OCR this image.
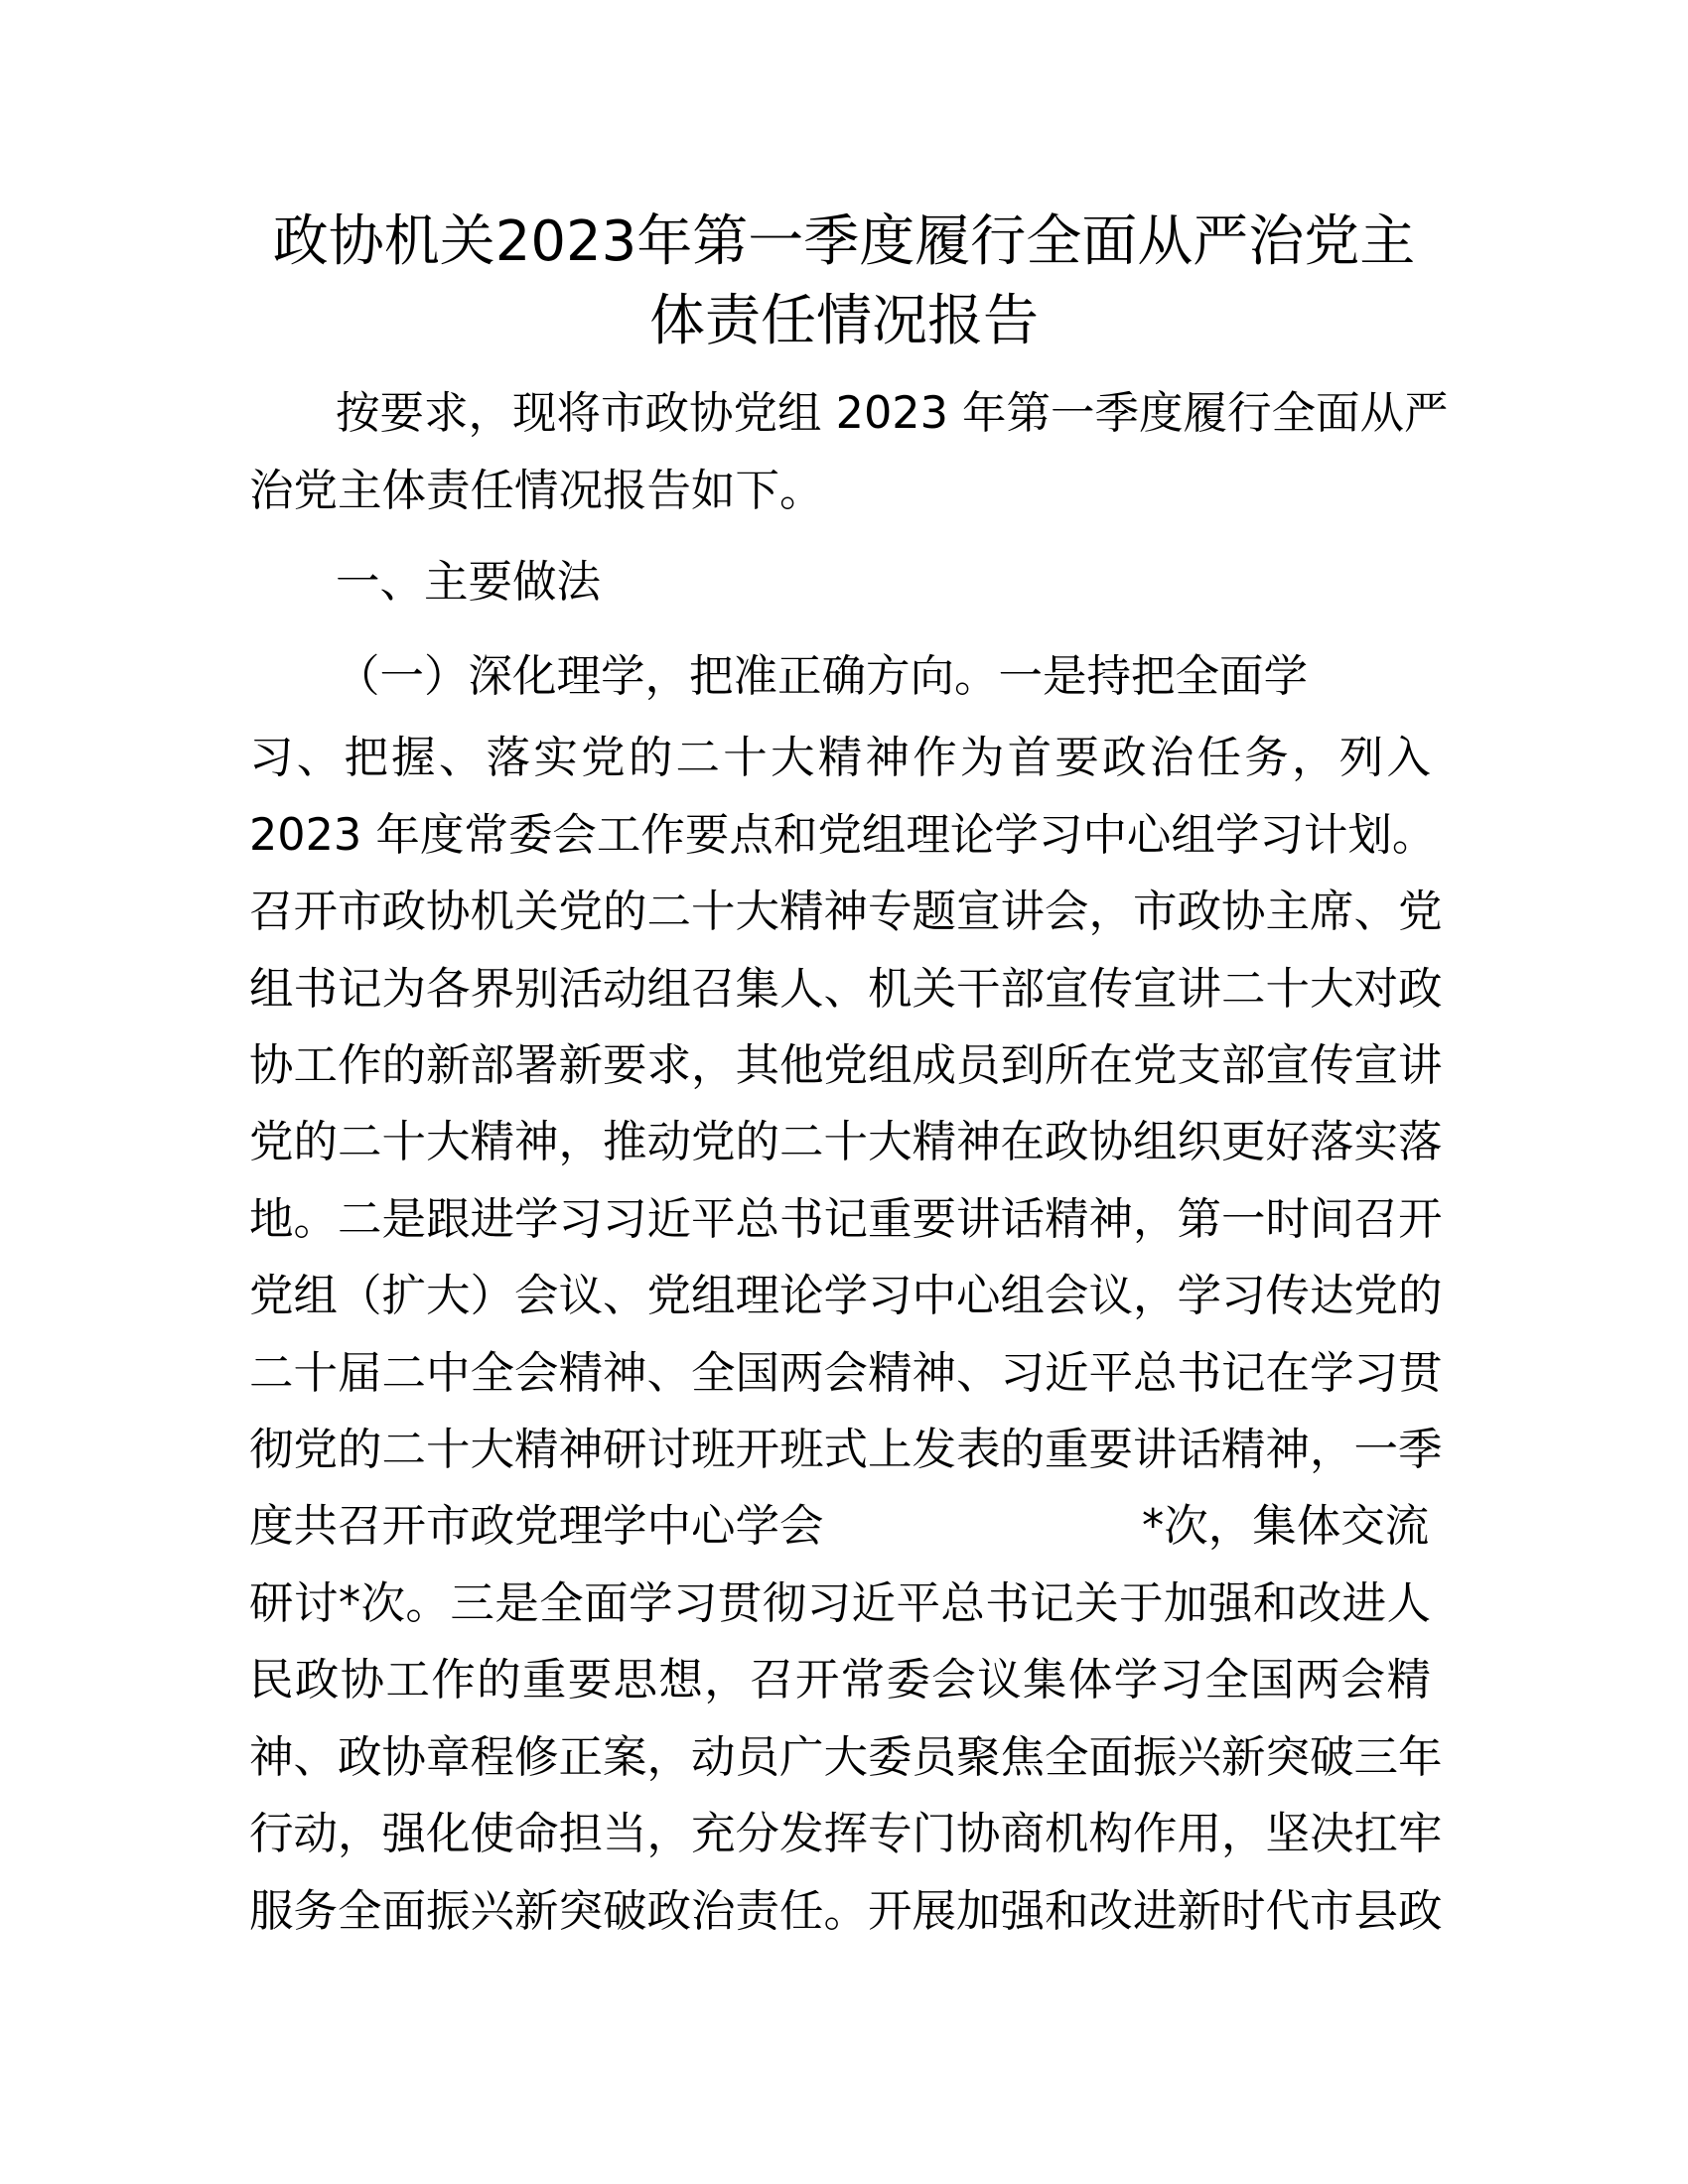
政协机关2023年第一季度履行全面从严治党主
体责任情况报告

按要求，现将市政协党组 2023 年第一季度履行全面从严

治党主体责任情况报告如下。

一、主要做法

（一）深化理学，把准正确方向。一是持把全面学

习、把握、落实党的二十大精神作为首要政治任务，列入

2023 年度常委会工作要点和党组理论学习中心组学习计划。

召开市政协机关党的二十大精神专题宣讲会，市政协主席、党

组书记为各界别活动组召集人、机关干部宣传宣讲二十大对政

协工作的新部署新要求，其他党组成员到所在党支部宣传宣讲

党的二十大精神，推动党的二十大精神在政协组织更好落实落

地。二是跟进学习习近平总书记重要讲话精神，第一时间召开

党组（扩大）会议、党组理论学习中心组会议，学习传达党的

二十届二中全会精神、全国两会精神、习近平总书记在学习贯

彻党的二十大精神研讨班开班式上发表的重要讲话精神，一季

度共召开市政党理学中心学会	*次，集体交流

研讨*次。三是全面学习贯彻习近平总书记关于加强和改进人

民政协工作的重要思想，召开常委会议集体学习全国两会精

神、政协章程修正案，动员广大委员聚焦全面振兴新突破三年

行动，强化使命担当，充分发挥专门协商机构作用，坚决扛牢

服务全面振兴新突破政治责任。开展加强和改进新时代市县政
